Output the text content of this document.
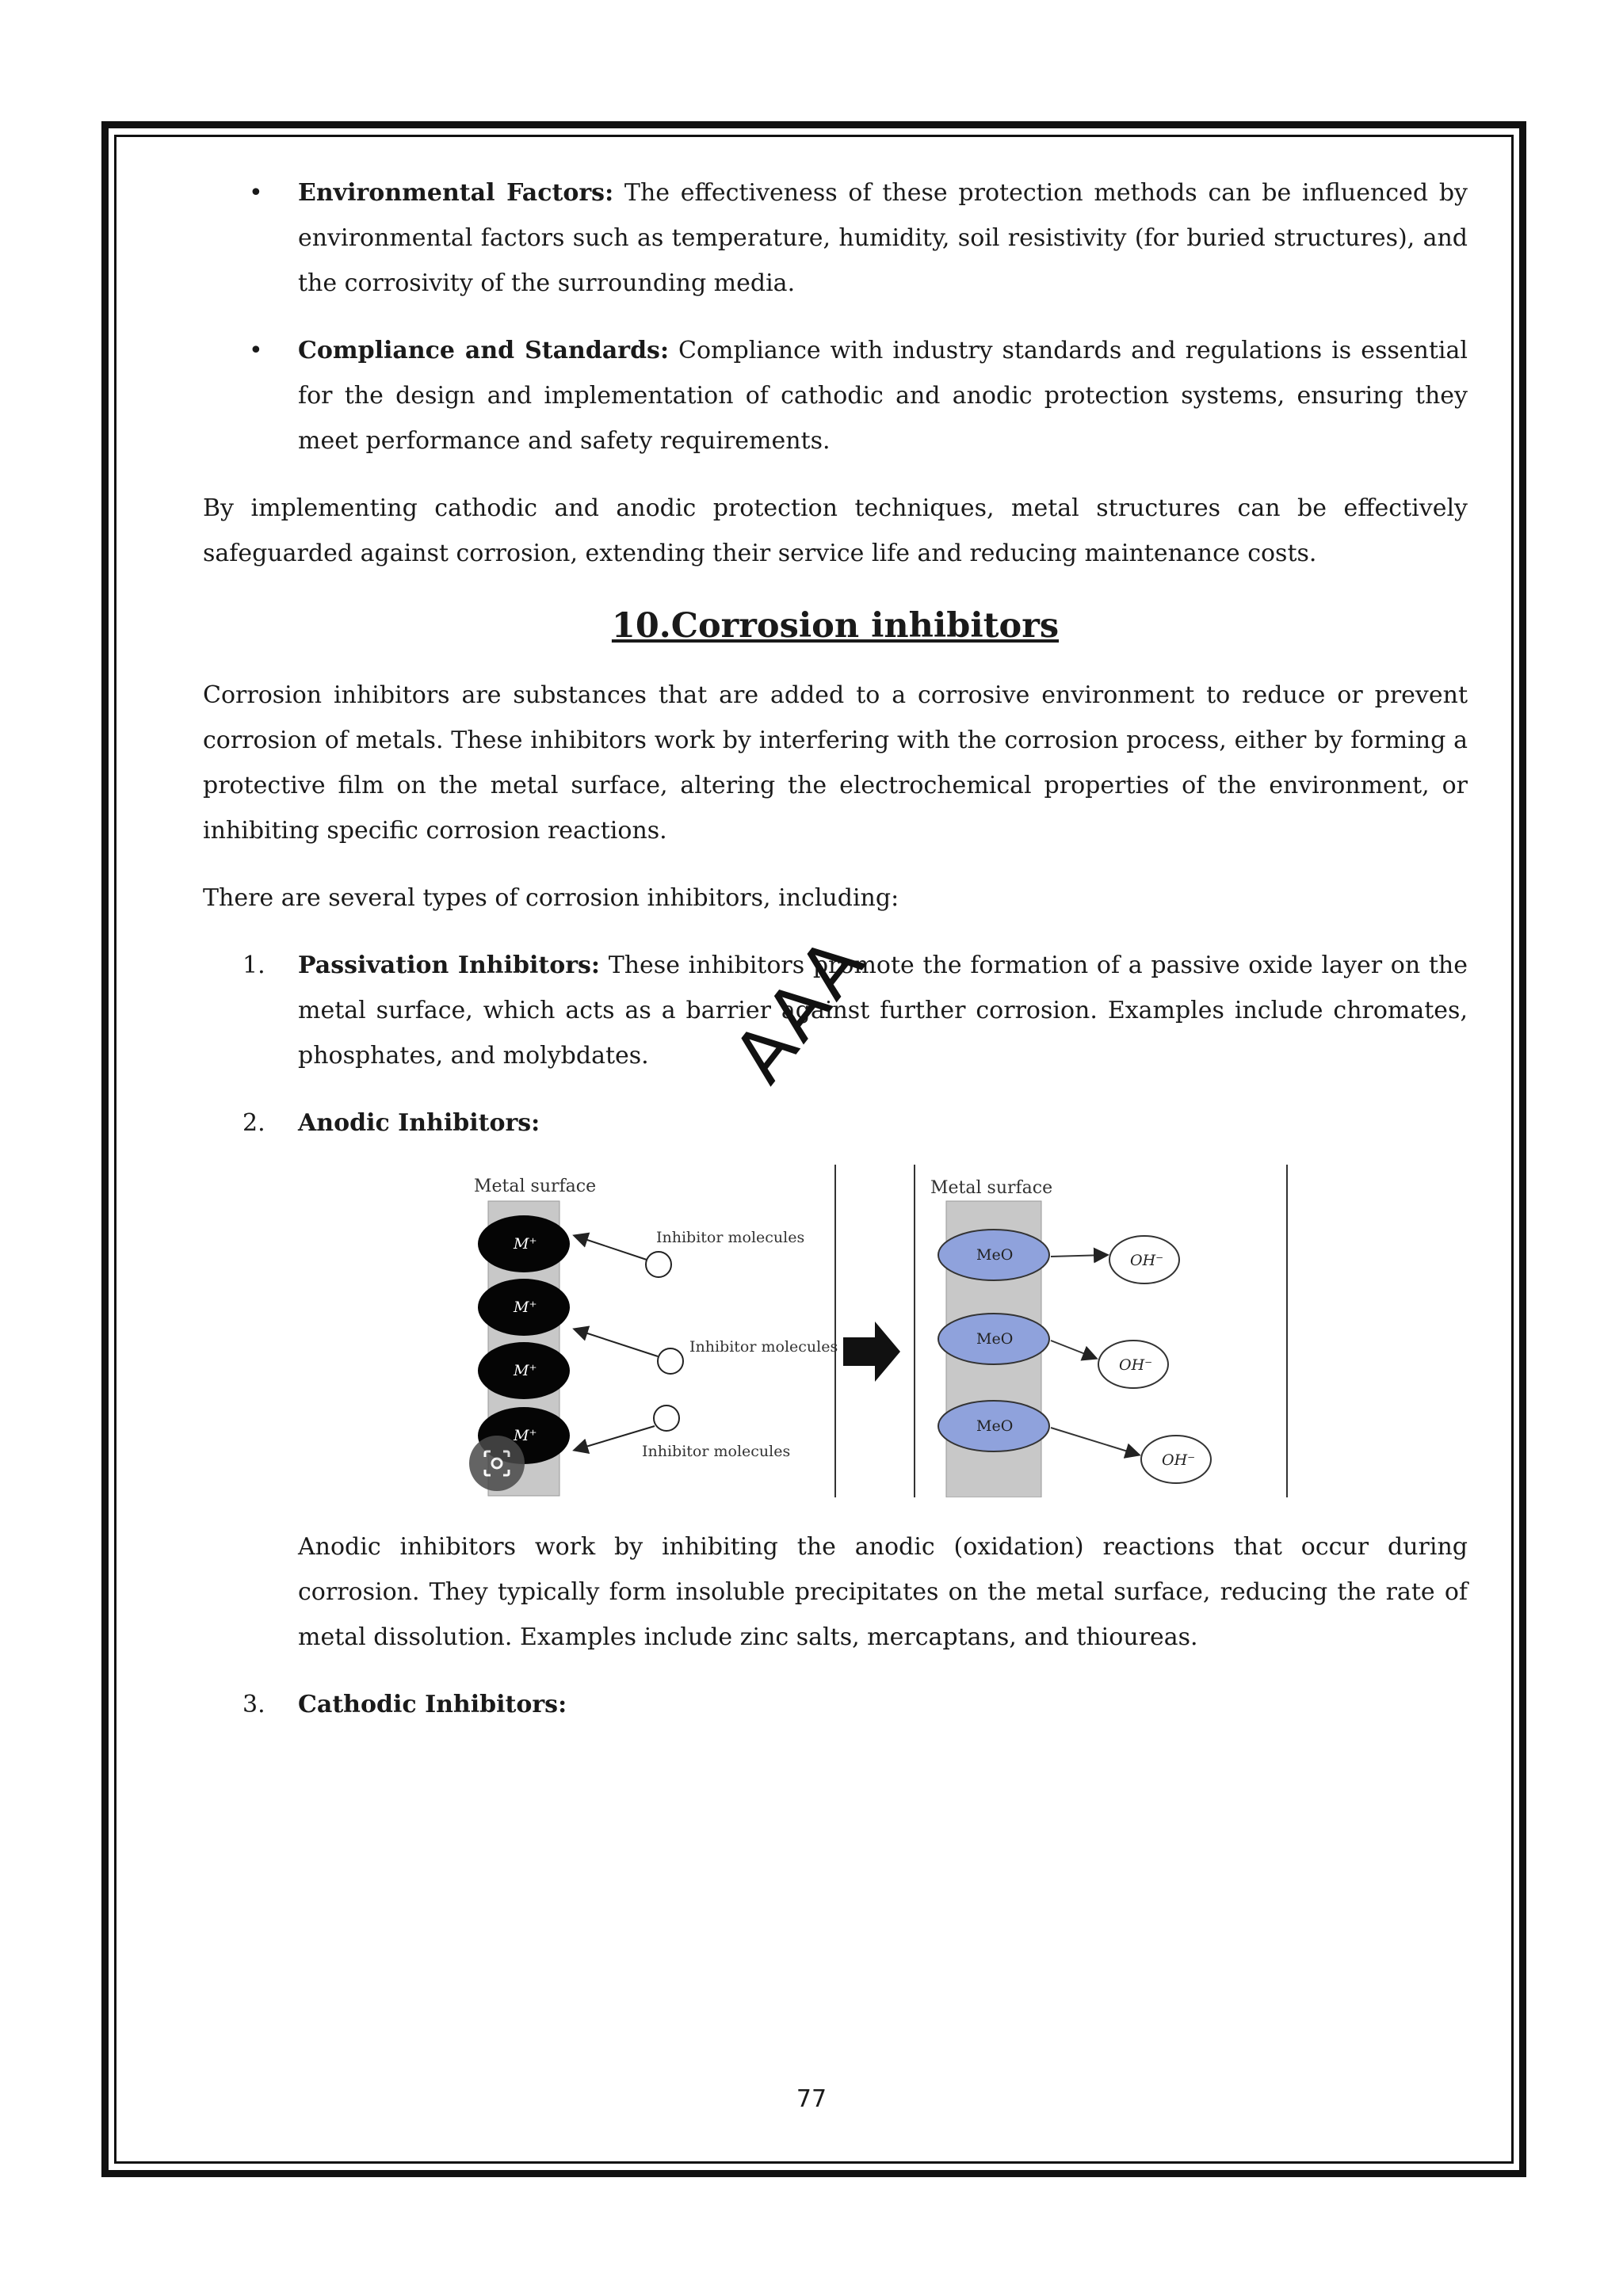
• Environmental Factors: The effectiveness of these protection methods can be influenced by environmental factors such as temperature, humidity, soil resistivity (for buried structures), and the corrosivity of the surrounding media.
• Compliance and Standards: Compliance with industry standards and regulations is essential for the design and implementation of cathodic and anodic protection systems, ensuring they meet performance and safety requirements.

By implementing cathodic and anodic protection techniques, metal structures can be effectively safeguarded against corrosion, extending their service life and reducing maintenance costs.

10.Corrosion inhibitors

Corrosion inhibitors are substances that are added to a corrosive environment to reduce or prevent corrosion of metals. These inhibitors work by interfering with the corrosion process, either by forming a protective film on the metal surface, altering the electrochemical properties of the environment, or inhibiting specific corrosion reactions.

There are several types of corrosion inhibitors, including:

1. Passivation Inhibitors: These inhibitors promote the formation of a passive oxide layer on the metal surface, which acts as a barrier against further corrosion. Examples include chromates, phosphates, and molybdates.
2. Anodic Inhibitors:
Metal surface
M⁺
M⁺
M⁺
M⁺
Inhibitor molecules
Inhibitor molecules
Inhibitor molecules
Metal surface
MeO
MeO
MeO
OH⁻
OH⁻
OH⁻
Anodic inhibitors work by inhibiting the anodic (oxidation) reactions that occur during corrosion. They typically form insoluble precipitates on the metal surface, reducing the rate of metal dissolution. Examples include zinc salts, mercaptans, and thioureas.
3. Cathodic Inhibitors:
AAA
77
